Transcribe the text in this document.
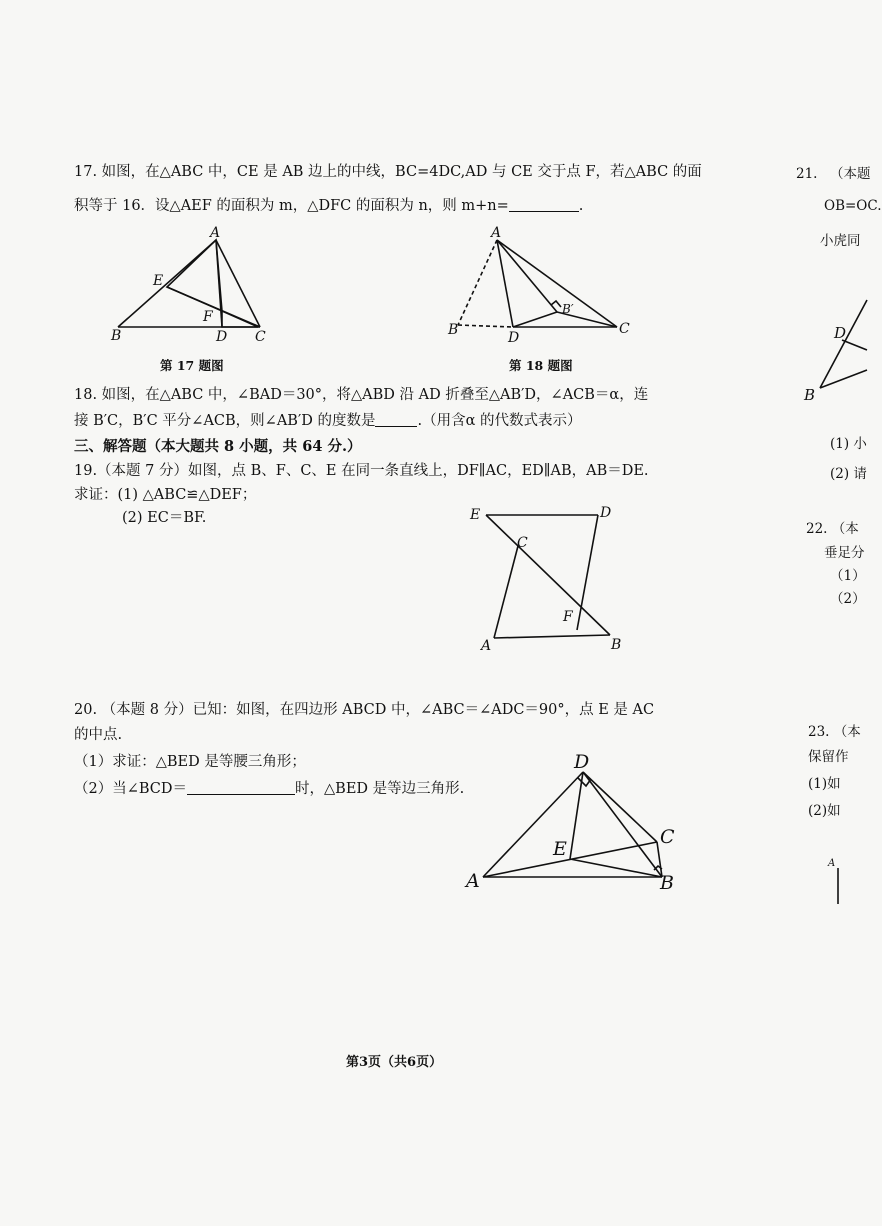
17. 如图，在△ABC 中，CE 是 AB 边上的中线，BC=4DC,AD 与 CE 交于点 F，若△ABC 的面
积等于 16．设△AEF 的面积为 m，△DFC 的面积为 n，则 m+n=	.
A
E
F
B	D C
第 17 题图
A
B	D
B′
C
第 18 题图
18. 如图，在△ABC 中，∠BAD＝30°，将△ABD 沿 AD 折叠至△AB′D，∠ACB＝α，连
接 B′C，B′C 平分∠ACB，则∠AB′D 的度数是	.（用含α 的代数式表示）
三、解答题（本大题共 8 小题，共 64 分.）
19.（本题 7 分）如图，点 B、F、C、E 在同一条直线上，DF∥AC，ED∥AB，AB＝DE.
求证：(1) △ABC≌△DEF；
(2) EC＝BF.	E	D
C
F
A	B
20. （本题 8 分）已知：如图，在四边形 ABCD 中，∠ABC＝∠ADC＝90°，点 E 是 AC
的中点.
（1）求证：△BED 是等腰三角形；
（2）当∠BCD＝	时，△BED 是等边三角形.
D
C
E
A	B
第3页（共6页）
21. （本题
OB=OC.
小虎同
D
B
A
(1) 小
(2) 请
22. （本
垂足分
（1）
（2）
23. （本
保留作
(1)如
(2)如
